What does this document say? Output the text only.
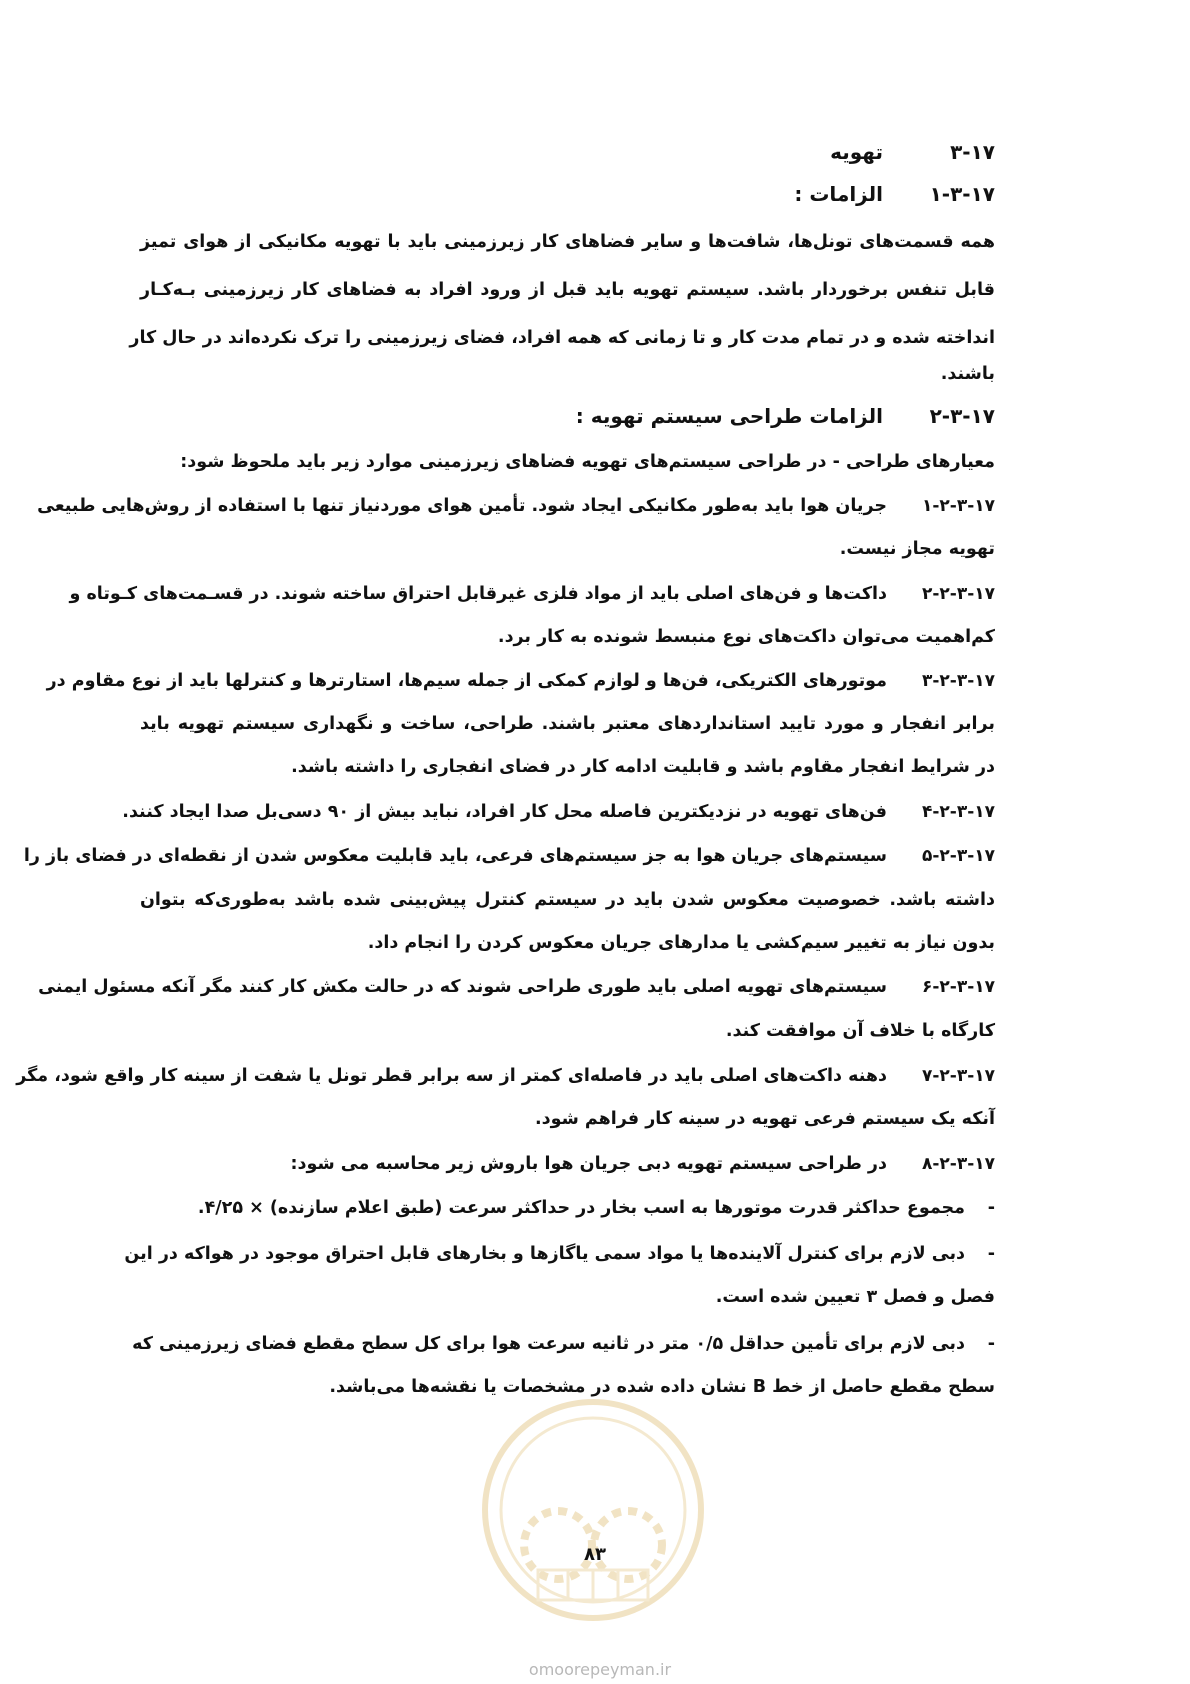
۳-۱۷
تهویه
۱-۳-۱۷
الزامات :
همه قسمت‌های تونل‌ها، شافت‌ها و سایر فضاهای کار زیرزمینی باید با تهویه مکانیکی از هوای تمیز
قابل تنفس برخوردار باشد. سیستم تهویه باید قبل از ورود افراد به فضاهای کار زیرزمینی بـه‌کـار
انداخته شده و در تمام مدت کار و تا زمانی که همه افراد، فضای زیرزمینی را ترک نکرده‌اند در حال کار
باشند.
۲-۳-۱۷
الزامات طراحی سیستم تهویه :
معیارهای طراحی - در طراحی سیستم‌های تهویه فضاهای زیرزمینی موارد زیر باید ملحوظ شود:
۱-۲-۳-۱۷
جریان هوا باید به‌طور مکانیکی ایجاد شود. تأمین هوای موردنیاز تنها با استفاده از روش‌هایی طبیعی
تهویه مجاز نیست.
۲-۲-۳-۱۷
داکت‌ها و فن‌های اصلی باید از مواد فلزی غیرقابل احتراق ساخته شوند. در قسـمت‌های کـوتاه و
کم‌اهمیت می‌توان داکت‌های نوع منبسط شونده به کار برد.
۳-۲-۳-۱۷
موتورهای الکتریکی، فن‌ها و لوازم کمکی از جمله سیم‌ها، استارترها و کنترلها باید از نوع مقاوم در
برابر انفجار و مورد تایید استانداردهای معتبر باشند. طراحی، ساخت و نگهداری سیستم تهویه باید
در شرایط انفجار مقاوم باشد و قابلیت ادامه کار در فضای انفجاری را داشته باشد.
۴-۲-۳-۱۷
فن‌های تهویه در نزدیکترین فاصله محل کار افراد، نباید بیش از ۹۰ دسی‌بل صدا ایجاد کنند.
۵-۲-۳-۱۷
سیستم‌های جریان هوا به جز سیستم‌های فرعی، باید قابلیت معکوس شدن از نقطه‌ای در فضای باز را
داشته باشد. خصوصیت معکوس شدن باید در سیستم کنترل پیش‌بینی شده باشد به‌طوری‌که بتوان
بدون نیاز به تغییر سیم‌کشی یا مدارهای جریان معکوس کردن را انجام داد.
۶-۲-۳-۱۷
سیستم‌های تهویه اصلی باید طوری طراحی شوند که در حالت مکش کار کنند مگر آنکه مسئول ایمنی
کارگاه با خلاف آن موافقت کند.
۷-۲-۳-۱۷
دهنه داکت‌های اصلی باید در فاصله‌ای کمتر از سه برابر قطر تونل یا شفت از سینه کار واقع شود، مگر
آنکه یک سیستم فرعی تهویه در سینه کار فراهم شود.
۸-۲-۳-۱۷
در طراحی سیستم تهویه دبی جریان هوا باروش زیر محاسبه می شود:
-
مجموع حداکثر قدرت موتورها به اسب بخار در حداکثر سرعت (طبق اعلام سازنده) × ۴/۲۵.
-
دبی لازم برای کنترل آلاینده‌ها یا مواد سمی یاگازها و بخارهای قابل احتراق موجود در هواکه در این
فصل و فصل ۳ تعیین شده است.
-
دبی لازم برای تأمین حداقل ۰/۵ متر در ثانیه سرعت هوا برای کل سطح مقطع فضای زیرزمینی که
سطح مقطع حاصل از خط B نشان داده شده در مشخصات یا نقشه‌ها می‌باشد.
۸۳
omoorepeyman.ir
